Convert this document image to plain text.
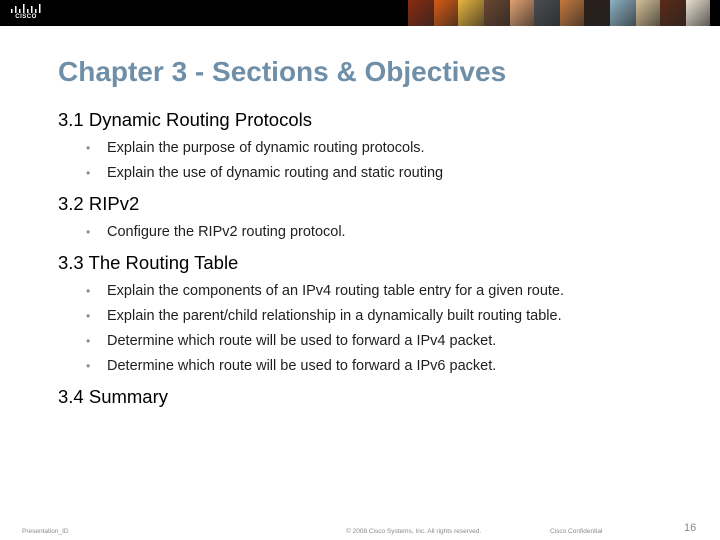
CISCO
Chapter 3 - Sections & Objectives
3.1 Dynamic Routing Protocols
• Explain the purpose of dynamic routing protocols.
• Explain the use of dynamic routing and static routing
3.2 RIPv2
• Configure the RIPv2 routing protocol.
3.3 The Routing Table
• Explain the components of an IPv4 routing table entry for a given route.
• Explain the parent/child relationship in a dynamically built routing table.
• Determine which route will be used to forward a IPv4 packet.
• Determine which route will be used to forward a IPv6 packet.
3.4 Summary
Presentation_ID	© 2008 Cisco Systems, Inc. All rights reserved.	Cisco Confidential	16
